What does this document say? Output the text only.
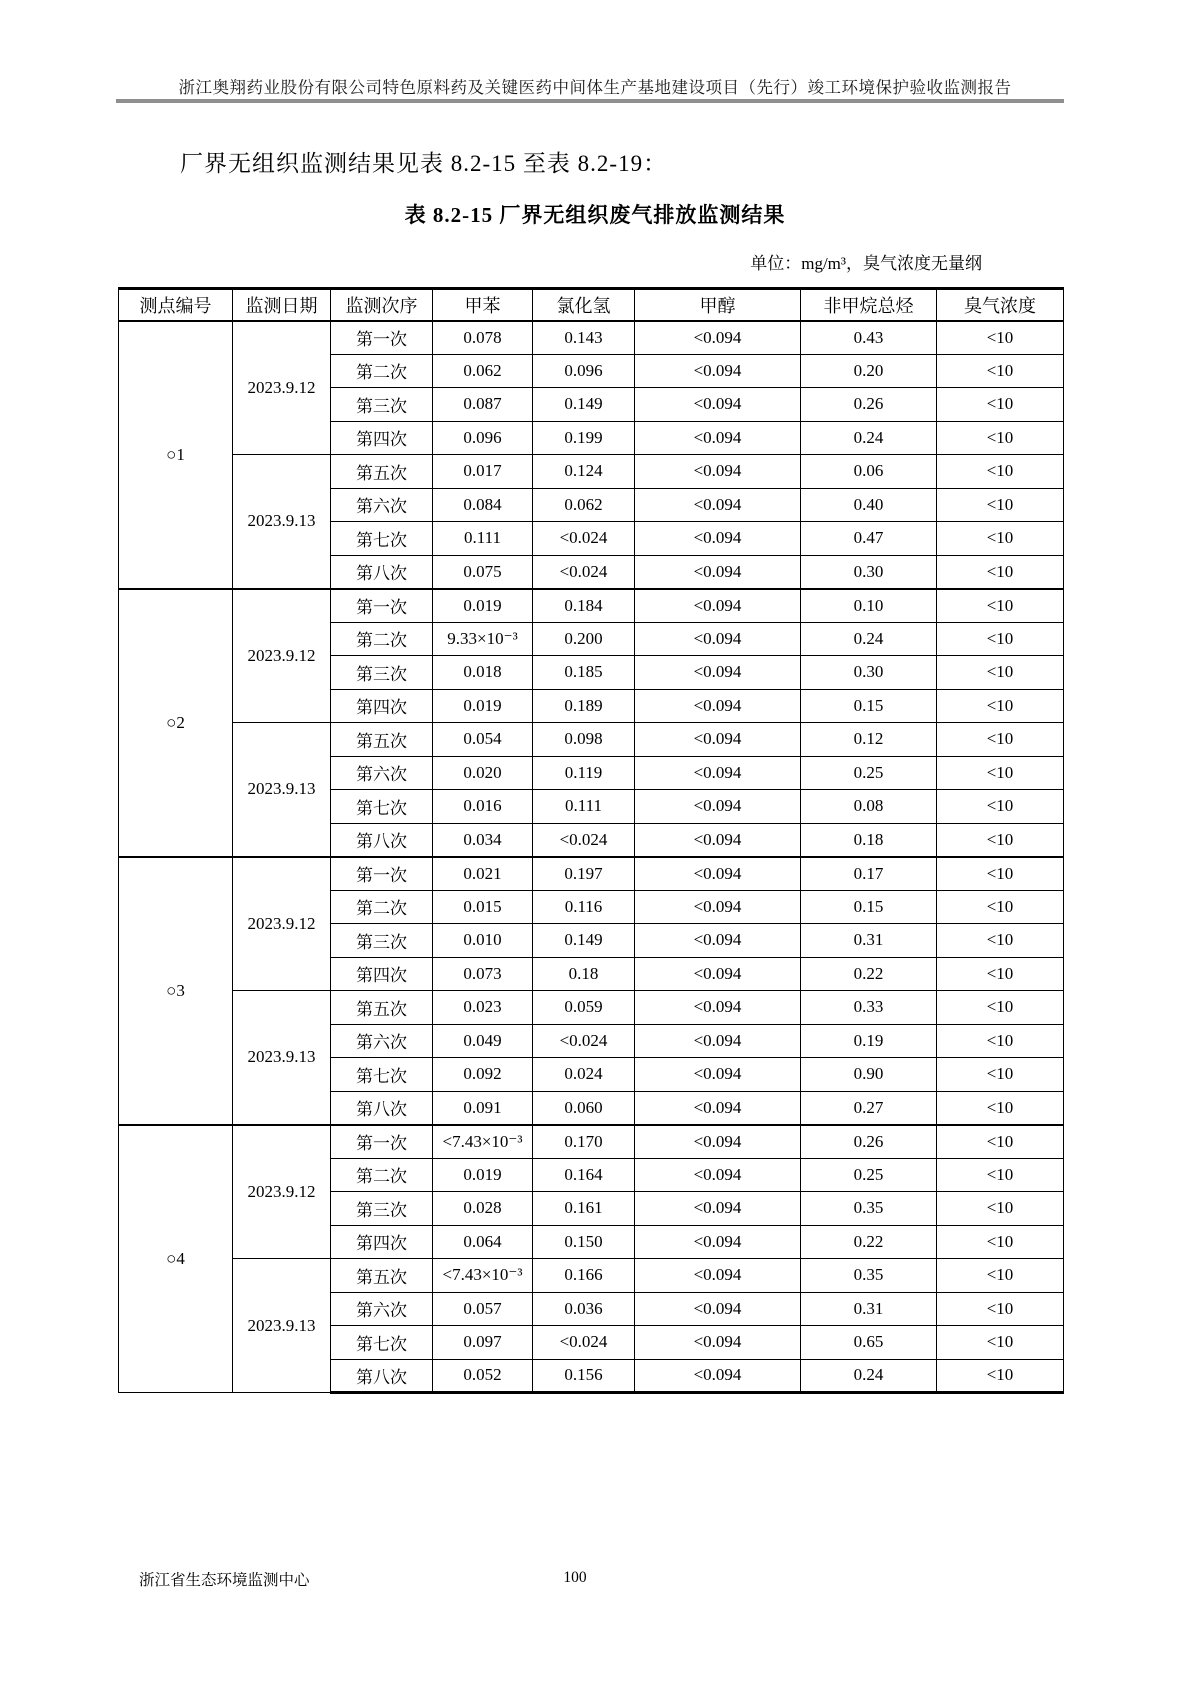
浙江奥翔药业股份有限公司特色原料药及关键医药中间体生产基地建设项目（先行）竣工环境保护验收监测报告
厂界无组织监测结果见表 8.2-15 至表 8.2-19：
表 8.2-15 厂界无组织废气排放监测结果
单位：mg/m³，臭气浓度无量纲
测点编号	监测日期	监测次序	甲苯	氯化氢	甲醇	非甲烷总烃	臭气浓度
○1	2023.9.12	第一次	0.078	0.143	<0.094	0.43	<10
		第二次	0.062	0.096	<0.094	0.20	<10
		第三次	0.087	0.149	<0.094	0.26	<10
		第四次	0.096	0.199	<0.094	0.24	<10
	2023.9.13	第五次	0.017	0.124	<0.094	0.06	<10
		第六次	0.084	0.062	<0.094	0.40	<10
		第七次	0.111	<0.024	<0.094	0.47	<10
		第八次	0.075	<0.024	<0.094	0.30	<10
○2	2023.9.12	第一次	0.019	0.184	<0.094	0.10	<10
		第二次	9.33×10⁻³	0.200	<0.094	0.24	<10
		第三次	0.018	0.185	<0.094	0.30	<10
		第四次	0.019	0.189	<0.094	0.15	<10
	2023.9.13	第五次	0.054	0.098	<0.094	0.12	<10
		第六次	0.020	0.119	<0.094	0.25	<10
		第七次	0.016	0.111	<0.094	0.08	<10
		第八次	0.034	<0.024	<0.094	0.18	<10
○3	2023.9.12	第一次	0.021	0.197	<0.094	0.17	<10
		第二次	0.015	0.116	<0.094	0.15	<10
		第三次	0.010	0.149	<0.094	0.31	<10
		第四次	0.073	0.18	<0.094	0.22	<10
	2023.9.13	第五次	0.023	0.059	<0.094	0.33	<10
		第六次	0.049	<0.024	<0.094	0.19	<10
		第七次	0.092	0.024	<0.094	0.90	<10
		第八次	0.091	0.060	<0.094	0.27	<10
○4	2023.9.12	第一次	<7.43×10⁻³	0.170	<0.094	0.26	<10
		第二次	0.019	0.164	<0.094	0.25	<10
		第三次	0.028	0.161	<0.094	0.35	<10
		第四次	0.064	0.150	<0.094	0.22	<10
	2023.9.13	第五次	<7.43×10⁻³	0.166	<0.094	0.35	<10
		第六次	0.057	0.036	<0.094	0.31	<10
		第七次	0.097	<0.024	<0.094	0.65	<10
		第八次	0.052	0.156	<0.094	0.24	<10
浙江省生态环境监测中心	100
